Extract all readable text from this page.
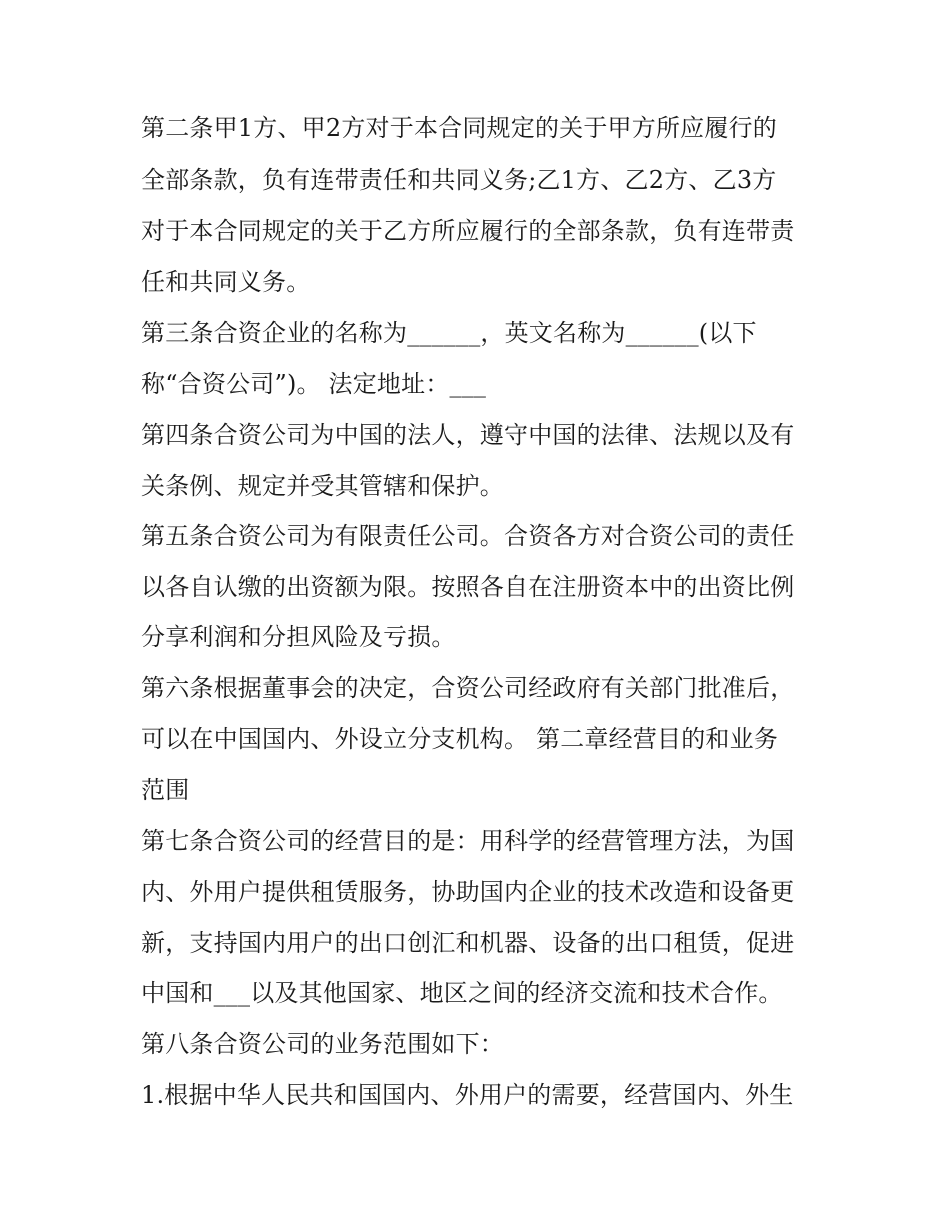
第二条甲1方、甲2方对于本合同规定的关于甲方所应履行的

全部条款，负有连带责任和共同义务;乙1方、乙2方、乙3方

对于本合同规定的关于乙方所应履行的全部条款，负有连带责

任和共同义务。

第三条合资企业的名称为______，英文名称为______(以下

称“合资公司”)。 法定地址：___

第四条合资公司为中国的法人，遵守中国的法律、法规以及有

关条例、规定并受其管辖和保护。

第五条合资公司为有限责任公司。合资各方对合资公司的责任

以各自认缴的出资额为限。按照各自在注册资本中的出资比例

分享利润和分担风险及亏损。

第六条根据董事会的决定，合资公司经政府有关部门批准后，

可以在中国国内、外设立分支机构。 第二章经营目的和业务

范围

第七条合资公司的经营目的是：用科学的经营管理方法，为国

内、外用户提供租赁服务，协助国内企业的技术改造和设备更

新，支持国内用户的出口创汇和机器、设备的出口租赁，促进

中国和___以及其他国家、地区之间的经济交流和技术合作。

第八条合资公司的业务范围如下：

1.根据中华人民共和国国内、外用户的需要，经营国内、外生
